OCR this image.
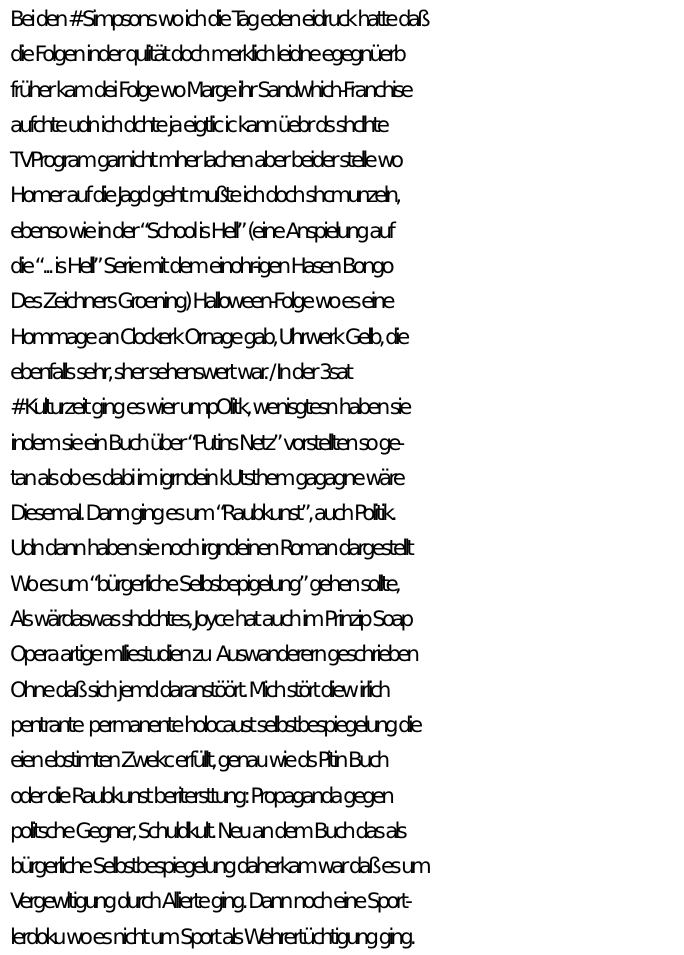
Bei den #Simpsons wo ich die Tag eden eidruck hatte daß
die Folgen inder qulität doch merklich leidne egegnüerb
früher kam dei Folge wo Marge ihr Sandwhich-Franchise
aufchte udn ich dchte ja eigtlic ic kann üebr ds shclhte
TVProgram garnicht mher lachen aber beider stelle wo
Homer auf die Jagd geht mußte ich doch shcmunzeln,
ebenso wie in der “School is Hell” (eine Anspielung auf
die “... is Hell” Serie mit dem einohr-igen Hasen Bongo
Des Zeichners Groening) Halloween-Folge wo es eine
Hommage an Clockerk Ornage gab, Uhrwerk Gelb, die
ebenfalls sehr, sher sehenswert war. / In der 3sat
#Kulturzeit ging es wier umpOlitk, wenisgtesn haben sie
indem sie ein Buch über “Putins Netz” vorstellten so ge-
tan als ob es dabi im igrndein kUtsthem gagagne wäre
Diesemal. Dann ging es um “Raubkunst”, auch Politik.
Udn dann haben sie noch irgndeinen Roman dargestellt
Wo es um “bürgerliche Selbsbepigelung” gehen sollte,
Als wärdaswas shclchtes, Joyce hat auch im Prinzip Soap
Opera artige mIliestudien zu  Auswanderern geschrieben
Ohne daß sich jemd daranstöört. Mich stört diew irlich
pentrante  permanente holocaust selbstbespiegelung die
eien ebstimten Zwekc erfüllt, genau wie ds Pitin Buch
oder die Raubkunst beritersttung: Propaganda gegen
politsche Gegner, Schuldkult. Neu an dem Buch das als
bürgerliche Selbstbespiegelung daherkam war daß es um
Vergewltigung durch Allierte ging. Dann noch eine Sport-
lerdoku wo es nicht um Sport als Wehrertüchtigung ging.
